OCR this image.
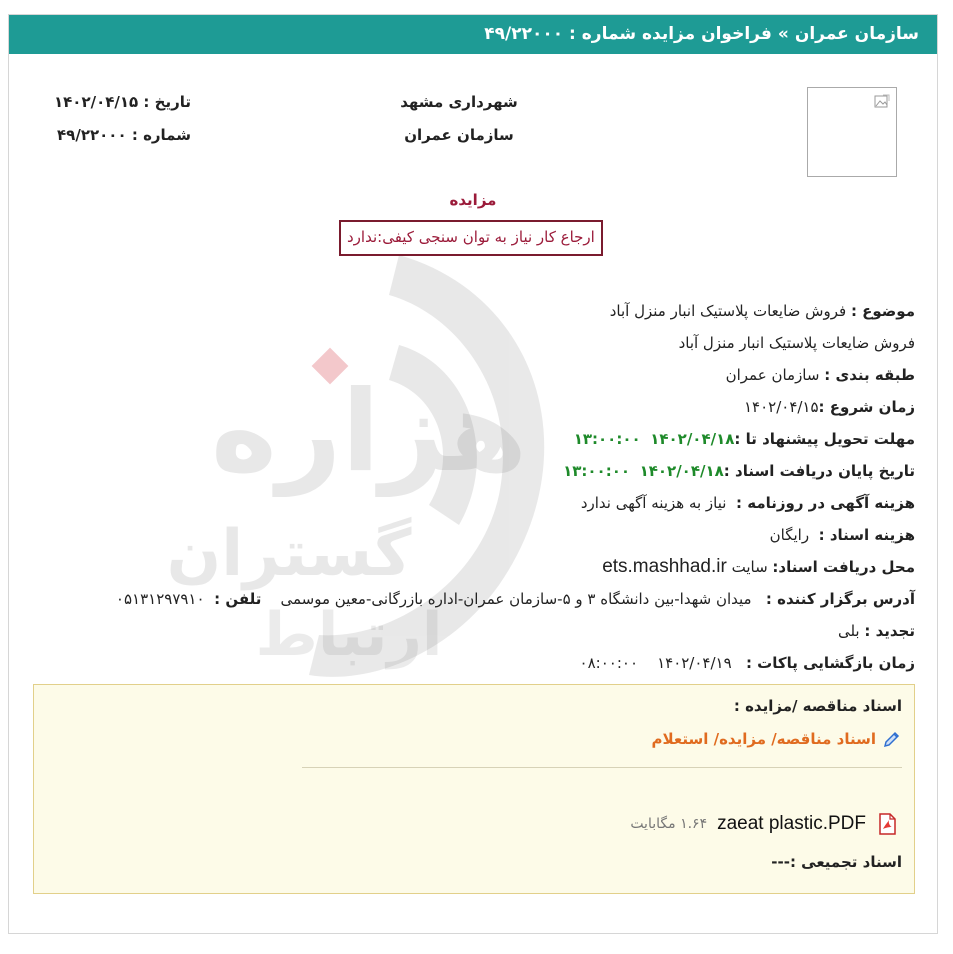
هزاره
گستران
ارتباط
سازمان عمران»فراخوان مزایده شماره : ۴۹/۲۲۰۰۰
شهرداری مشهد
سازمان عمران
تاریخ : ۱۴۰۲/۰۴/۱۵
شماره : ۴۹/۲۲۰۰۰
مزایده
ارجاع کار نیاز به توان سنجی کیفی:ندارد
موضوع : فروش ضایعات پلاستیک انبار منزل آباد
فروش ضایعات پلاستیک انبار منزل آباد
طبقه بندی : سازمان عمران
زمان شروع :۱۴۰۲/۰۴/۱۵
مهلت تحویل پیشنهاد تا :۱۴۰۲/۰۴/۱۸  ۱۳:۰۰:۰۰
تاریخ پایان دریافت اسناد :۱۴۰۲/۰۴/۱۸  ۱۳:۰۰:۰۰
هزینه آگهی در روزنامه :  نیاز به هزینه آگهی ندارد
هزینه اسناد :  رایگان
محل دریافت اسناد: سایت ets.mashhad.ir
آدرس برگزار کننده :   میدان شهدا-بین دانشگاه ۳ و ۵-سازمان عمران-اداره بازرگانی-معین موسمی    تلفن :  ۰۵۱۳۱۲۹۷۹۱۰
تجدید : بلی
زمان بازگشایی پاکات :   ۱۴۰۲/۰۴/۱۹    ۰۸:۰۰:۰۰
اسناد مناقصه /مزایده :
اسناد مناقصه/ مزایده/ استعلام
zaeat plastic.PDF
۱.۶۴ مگابایت
اسناد تجمیعی :---
